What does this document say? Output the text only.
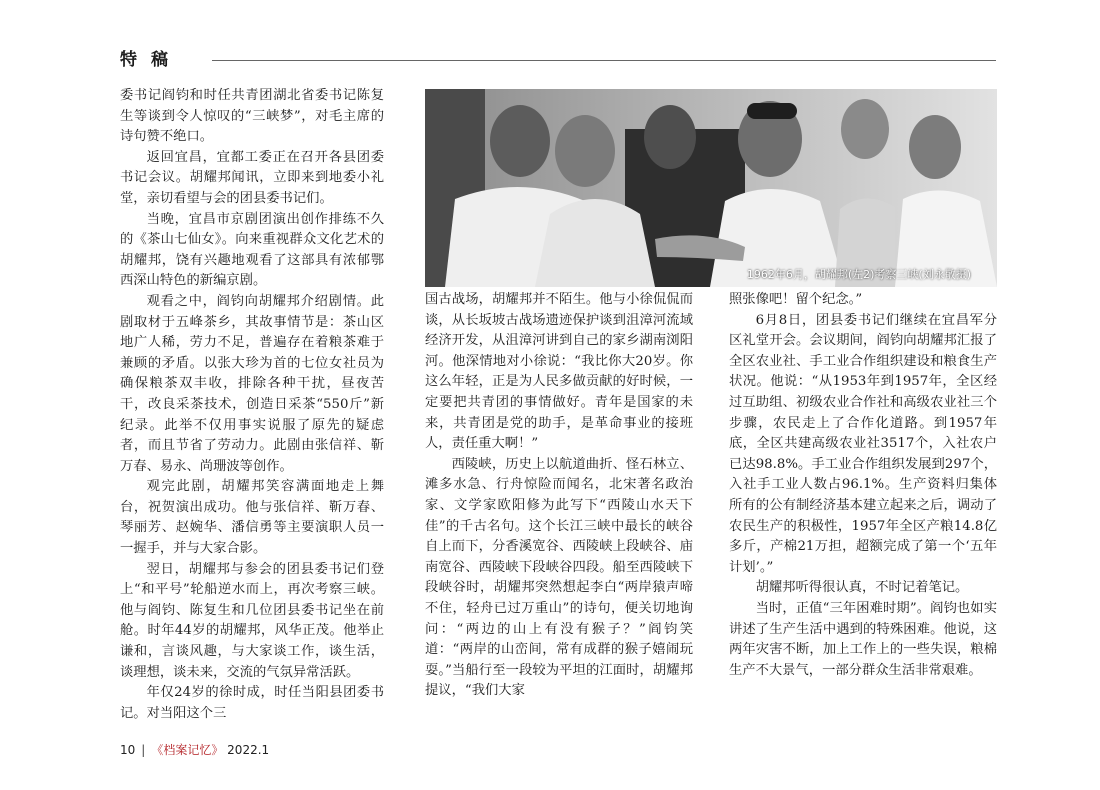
特稿

委书记阎钧和时任共青团湖北省委书记陈复生等谈到令人惊叹的“三峡梦”，对毛主席的诗句赞不绝口。

返回宜昌，宜都工委正在召开各县团委书记会议。胡耀邦闻讯，立即来到地委小礼堂，亲切看望与会的团县委书记们。

当晚，宜昌市京剧团演出创作排练不久的《茶山七仙女》。向来重视群众文化艺术的胡耀邦，饶有兴趣地观看了这部具有浓郁鄂西深山特色的新编京剧。

观看之中，阎钧向胡耀邦介绍剧情。此剧取材于五峰茶乡，其故事情节是：茶山区地广人稀，劳力不足，普遍存在着粮茶难于兼顾的矛盾。以张大珍为首的七位女社员为确保粮茶双丰收，排除各种干扰，昼夜苦干，改良采茶技术，创造日采茶“550斤”新纪录。此举不仅用事实说服了原先的疑虑者，而且节省了劳动力。此剧由张信祥、靳万春、易永、尚珊波等创作。

观完此剧，胡耀邦笑容满面地走上舞台，祝贺演出成功。他与张信祥、靳万春、琴丽芳、赵婉华、潘信勇等主要演职人员一一握手，并与大家合影。

翌日，胡耀邦与参会的团县委书记们登上“和平号”轮船逆水而上，再次考察三峡。他与阎钧、陈复生和几位团县委书记坐在前舱。时年44岁的胡耀邦，风华正茂。他举止谦和，言谈风趣，与大家谈工作，谈生活，谈理想，谈未来，交流的气氛异常活跃。

年仅24岁的徐时成，时任当阳县团委书记。对当阳这个三

1962年6月，胡耀邦(左2)考察三峡(刘永敬摄)

国古战场，胡耀邦并不陌生。他与小徐侃侃而谈，从长坂坡古战场遗迹保护谈到沮漳河流域经济开发，从沮漳河讲到自己的家乡湖南浏阳河。他深情地对小徐说：“我比你大20岁。你这么年轻，正是为人民多做贡献的好时候，一定要把共青团的事情做好。青年是国家的未来，共青团是党的助手，是革命事业的接班人，责任重大啊！”

西陵峡，历史上以航道曲折、怪石林立、滩多水急、行舟惊险而闻名，北宋著名政治家、文学家欧阳修为此写下“西陵山水天下佳”的千古名句。这个长江三峡中最长的峡谷自上而下，分香溪宽谷、西陵峡上段峡谷、庙南宽谷、西陵峡下段峡谷四段。船至西陵峡下段峡谷时，胡耀邦突然想起李白“两岸猿声啼不住，轻舟已过万重山”的诗句，便关切地询问：“两边的山上有没有猴子？”阎钧笑道：“两岸的山峦间，常有成群的猴子嬉闹玩耍。”当船行至一段较为平坦的江面时，胡耀邦提议，“我们大家

照张像吧！留个纪念。”

6月8日，团县委书记们继续在宜昌军分区礼堂开会。会议期间，阎钧向胡耀邦汇报了全区农业社、手工业合作组织建设和粮食生产状况。他说：“从1953年到1957年，全区经过互助组、初级农业合作社和高级农业社三个步骤，农民走上了合作化道路。到1957年底，全区共建高级农业社3517个，入社农户已达98.8%。手工业合作组织发展到297个，入社手工业人数占96.1%。生产资料归集体所有的公有制经济基本建立起来之后，调动了农民生产的积极性，1957年全区产粮14.8亿多斤，产棉21万担，超额完成了第一个‘五年计划’。”

胡耀邦听得很认真，不时记着笔记。

当时，正值“三年困难时期”。阎钧也如实讲述了生产生活中遇到的特殊困难。他说，这两年灾害不断，加上工作上的一些失误，粮棉生产不大景气，一部分群众生活非常艰难。

10 | 《档案记忆》 2022.1
